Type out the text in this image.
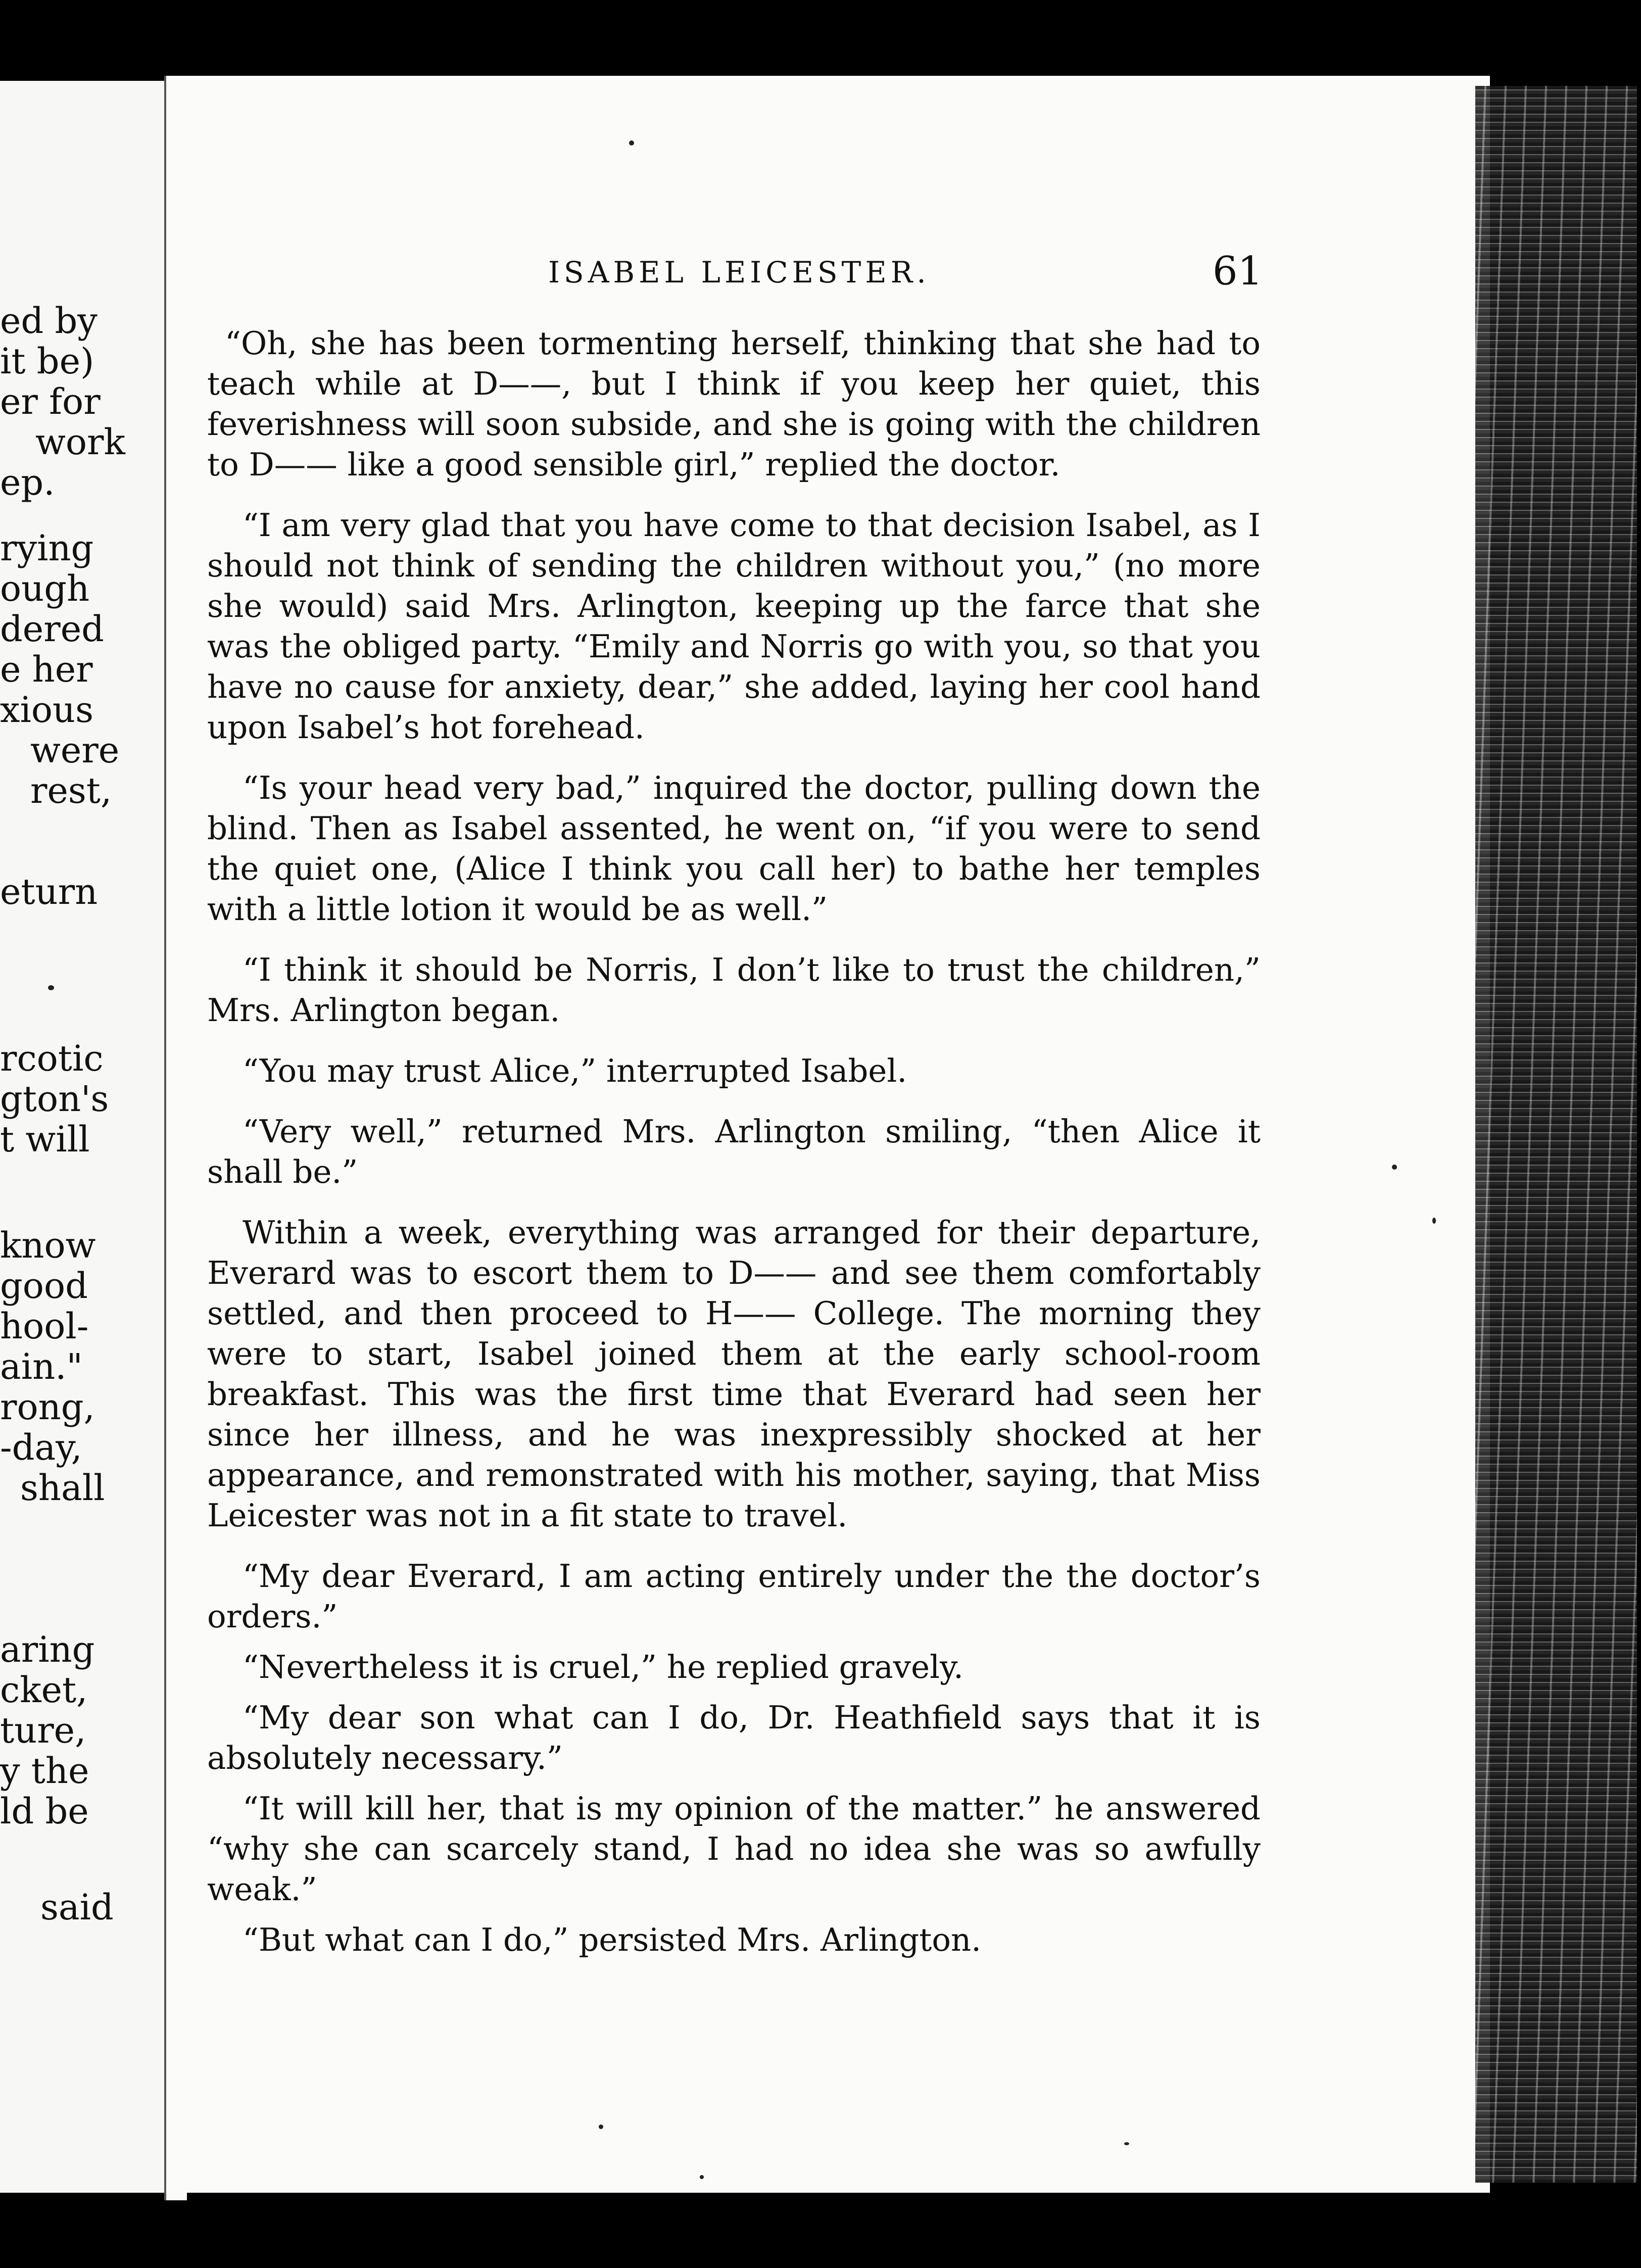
ed by
it be)
er for
work
ep.
rying
ough
dered
e her
xious
were
rest,
eturn
rcotic
gton's
t will
know
good
hool-
ain."
rong,
-day,
shall
aring
cket,
ture,
y the
ld be
said
ISABEL LEICESTER.	61

“Oh, she has been tormenting herself, thinking that she had to teach while at D——, but I think if you keep her quiet, this feverishness will soon subside, and she is going with the children to D—— like a good sensible girl,” replied the doctor.

“I am very glad that you have come to that decision Isabel, as I should not think of sending the children without you,” (no more she would) said Mrs. Arlington, keeping up the farce that she was the obliged party. “Emily and Norris go with you, so that you have no cause for anxiety, dear,” she added, laying her cool hand upon Isabel’s hot forehead.

“Is your head very bad,” inquired the doctor, pulling down the blind. Then as Isabel assented, he went on, “if you were to send the quiet one, (Alice I think you call her) to bathe her temples with a little lotion it would be as well.”

“I think it should be Norris, I don’t like to trust the children,” Mrs. Arlington began.

“You may trust Alice,” interrupted Isabel.

“Very well,” returned Mrs. Arlington smiling, “then Alice it shall be.”

Within a week, everything was arranged for their departure, Everard was to escort them to D—— and see them comfortably settled, and then proceed to H—— College. The morning they were to start, Isabel joined them at the early school-room breakfast. This was the first time that Everard had seen her since her illness, and he was inexpressibly shocked at her appearance, and remonstrated with his mother, saying, that Miss Leicester was not in a fit state to travel.

“My dear Everard, I am acting entirely under the the doctor’s orders.”

“Nevertheless it is cruel,” he replied gravely.

“My dear son what can I do, Dr. Heathfield says that it is absolutely necessary.”

“It will kill her, that is my opinion of the matter.” he answered “why she can scarcely stand, I had no idea she was so awfully weak.”

“But what can I do,” persisted Mrs. Arlington.
